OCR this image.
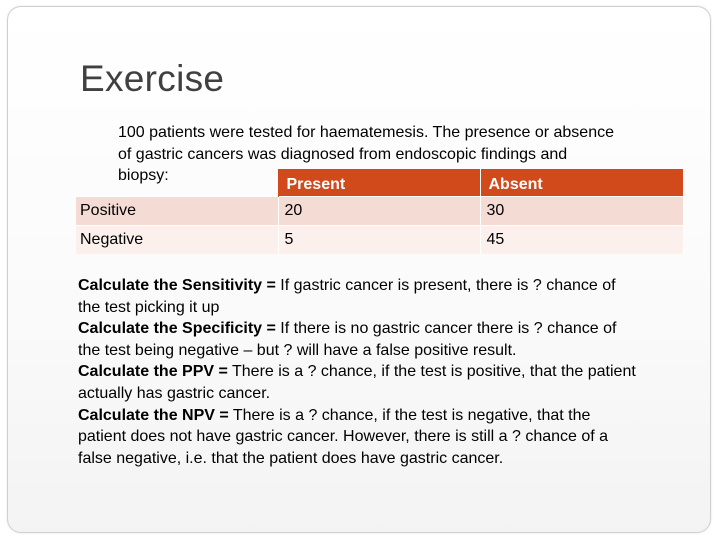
Exercise
100 patients were tested for haematemesis. The presence or absence of gastric cancers was diagnosed from endoscopic findings and biopsy:
	Present	Absent
Positive	20	30
Negative	5	45

Calculate the Sensitivity = If gastric cancer is present, there is ? chance of the test picking it up

Calculate the Specificity = If there is no gastric cancer there is ? chance of the test being negative – but ? will have a false positive result.

Calculate the PPV = There is a ? chance, if the test is positive, that the patient actually has gastric cancer.

Calculate the NPV = There is a ? chance, if the test is negative, that the patient does not have gastric cancer. However, there is still a ? chance of a false negative, i.e. that the patient does have gastric cancer.
